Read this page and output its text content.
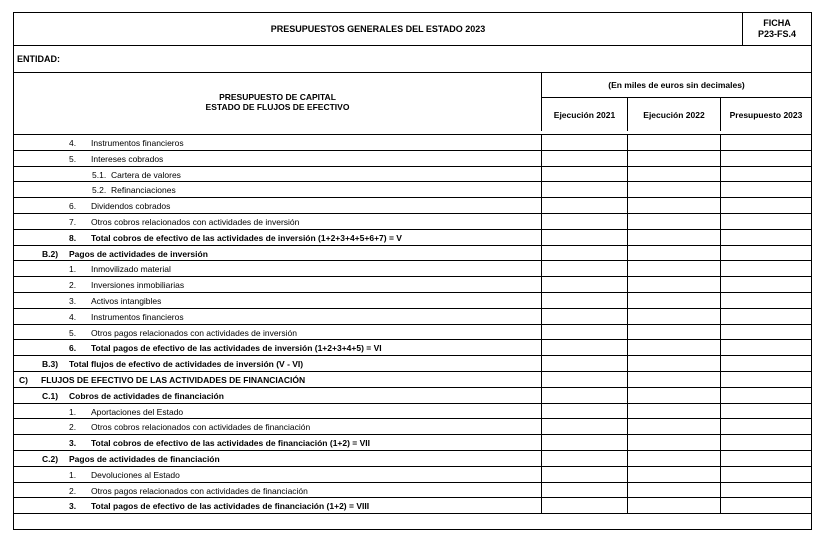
PRESUPUESTOS GENERALES DEL ESTADO 2023
FICHA
P23-FS.4
ENTIDAD:
PRESUPUESTO DE CAPITAL
ESTADO DE FLUJOS DE EFECTIVO
(En miles de euros sin decimales)
Ejecución 2021	Ejecución 2022	Presupuesto 2023
4. Instrumentos financieros
5. Intereses cobrados
5.1. Cartera de valores
5.2. Refinanciaciones
6. Dividendos cobrados
7. Otros cobros relacionados con actividades de inversión
8. Total cobros de efectivo de las actividades de inversión (1+2+3+4+5+6+7) = V
B.2) Pagos de actividades de inversión
1. Inmovilizado material
2. Inversiones inmobiliarias
3. Activos intangibles
4. Instrumentos financieros
5. Otros pagos relacionados con actividades de inversión
6. Total pagos de efectivo de las actividades de inversión (1+2+3+4+5) = VI
B.3) Total flujos de efectivo de actividades de inversión (V - VI)
C) FLUJOS DE EFECTIVO DE LAS ACTIVIDADES DE FINANCIACIÓN
C.1) Cobros de actividades de financiación
1. Aportaciones del Estado
2. Otros cobros relacionados con actividades de financiación
3. Total cobros de efectivo de las actividades de financiación (1+2) = VII
C.2) Pagos de actividades de financiación
1. Devoluciones al Estado
2. Otros pagos relacionados con actividades de financiación
3. Total pagos de efectivo de las actividades de financiación (1+2) = VIII
